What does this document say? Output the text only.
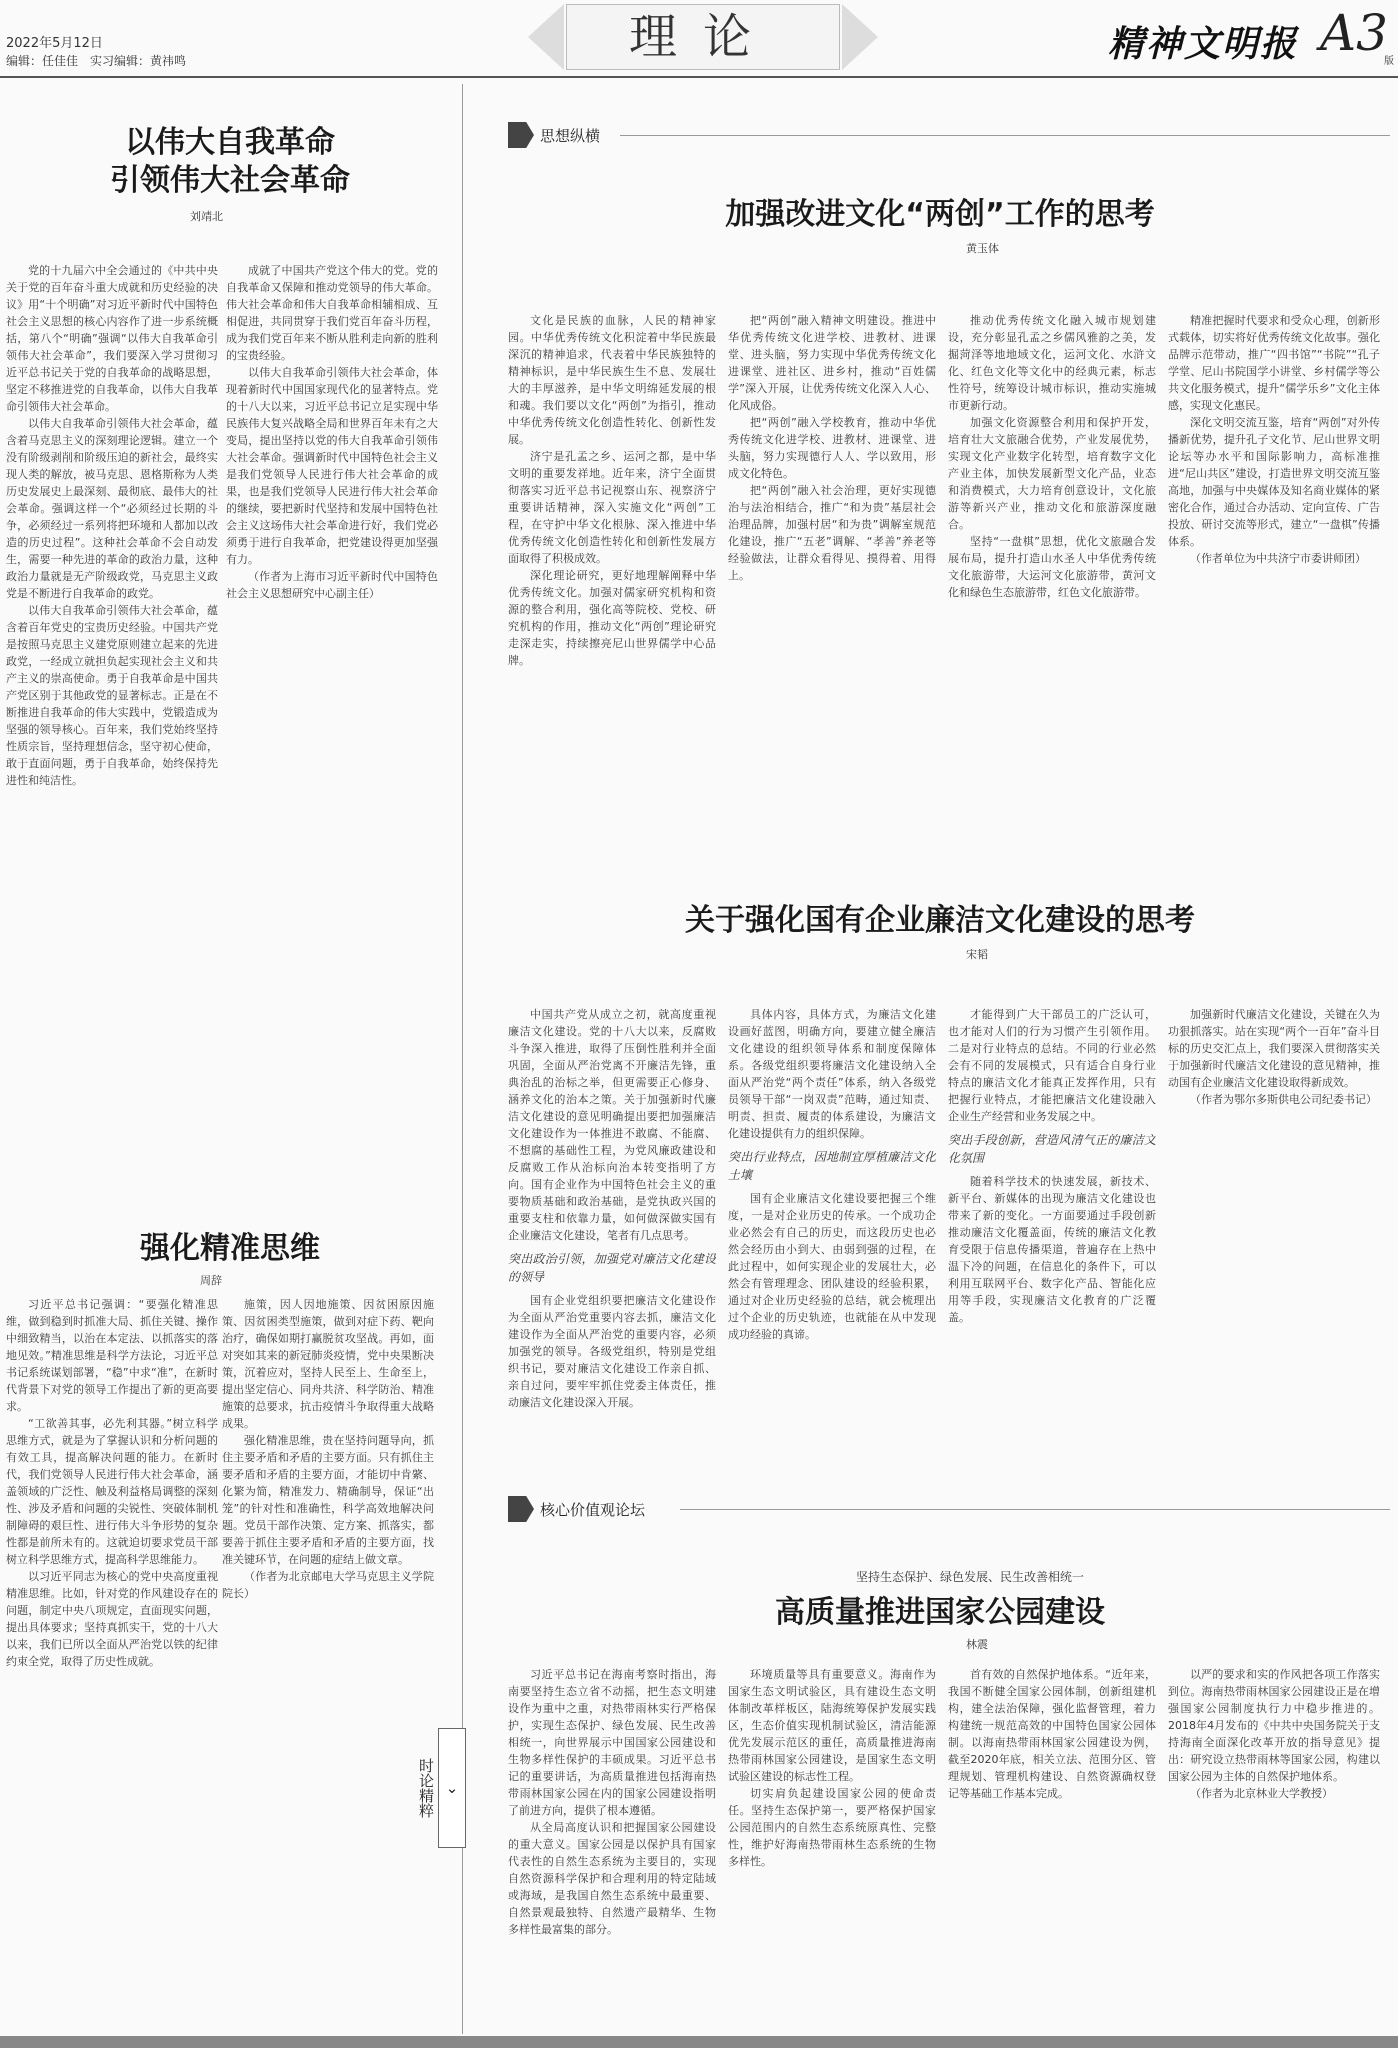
2022年5月12日
编辑：任佳佳　实习编辑：黄祎鸣	理论	精神文明报 A3
版
以伟大自我革命
引领伟大社会革命
刘靖北

党的十九届六中全会通过的《中共中央关于党的百年奋斗重大成就和历史经验的决议》用“十个明确”对习近平新时代中国特色社会主义思想的核心内容作了进一步系统概括，第八个“明确”强调“以伟大自我革命引领伟大社会革命”，我们要深入学习贯彻习近平总书记关于党的自我革命的战略思想，坚定不移推进党的自我革命，以伟大自我革命引领伟大社会革命。

以伟大自我革命引领伟大社会革命，蕴含着马克思主义的深刻理论逻辑。建立一个没有阶级剥削和阶级压迫的新社会，最终实现人类的解放，被马克思、恩格斯称为人类历史发展史上最深刻、最彻底、最伟大的社会革命。强调这样一个“必须经过长期的斗争，必须经过一系列将把环境和人都加以改造的历史过程”。这种社会革命不会自动发生，需要一种先进的革命的政治力量，这种政治力量就是无产阶级政党，马克思主义政党是不断进行自我革命的政党。

以伟大自我革命引领伟大社会革命，蕴含着百年党史的宝贵历史经验。中国共产党是按照马克思主义建党原则建立起来的先进政党，一经成立就担负起实现社会主义和共产主义的崇高使命。勇于自我革命是中国共产党区别于其他政党的显著标志。正是在不断推进自我革命的伟大实践中，党锻造成为坚强的领导核心。百年来，我们党始终坚持性质宗旨，坚持理想信念，坚守初心使命，敢于直面问题，勇于自我革命，始终保持先进性和纯洁性。

成就了中国共产党这个伟大的党。党的自我革命又保障和推动党领导的伟大革命。伟大社会革命和伟大自我革命相辅相成、互相促进，共同贯穿于我们党百年奋斗历程，成为我们党百年来不断从胜利走向新的胜利的宝贵经验。

以伟大自我革命引领伟大社会革命，体现着新时代中国国家现代化的显著特点。党的十八大以来，习近平总书记立足实现中华民族伟大复兴战略全局和世界百年未有之大变局，提出坚持以党的伟大自我革命引领伟大社会革命。强调新时代中国特色社会主义是我们党领导人民进行伟大社会革命的成果，也是我们党领导人民进行伟大社会革命的继续，要把新时代坚持和发展中国特色社会主义这场伟大社会革命进行好，我们党必须勇于进行自我革命，把党建设得更加坚强有力。

（作者为上海市习近平新时代中国特色社会主义思想研究中心副主任）

强化精准思维
周辞

习近平总书记强调：“要强化精准思维，做到稳到时抓准大局、抓住关键、操作中细致精当，以治在本定法、以抓落实的落地见效。”精准思维是科学方法论，习近平总书记系统谋划部署，“稳”中求“准”，在新时代背景下对党的领导工作提出了新的更高要求。

“工欲善其事，必先利其器。”树立科学思维方式，就是为了掌握认识和分析问题的有效工具，提高解决问题的能力。在新时代，我们党领导人民进行伟大社会革命，涵盖领域的广泛性、触及利益格局调整的深刻性、涉及矛盾和问题的尖锐性、突破体制机制障碍的艰巨性、进行伟大斗争形势的复杂性都是前所未有的。这就迫切要求党员干部树立科学思维方式，提高科学思维能力。

以习近平同志为核心的党中央高度重视精准思维。比如，针对党的作风建设存在的问题，制定中央八项规定，直面现实问题，提出具体要求；坚持真抓实干，党的十八大以来，我们已所以全面从严治党以铁的纪律约束全党，取得了历史性成就。

施策，因人因地施策、因贫困原因施策、因贫困类型施策，做到对症下药、靶向治疗，确保如期打赢脱贫攻坚战。再如，面对突如其来的新冠肺炎疫情，党中央果断决策，沉着应对，坚持人民至上、生命至上，提出坚定信心、同舟共济、科学防治、精准施策的总要求，抗击疫情斗争取得重大战略成果。

强化精准思维，贵在坚持问题导向，抓住主要矛盾和矛盾的主要方面。只有抓住主要矛盾和矛盾的主要方面，才能切中肯綮、化繁为简，精准发力、精确制导，保证“出笼”的针对性和准确性，科学高效地解决问题。党员干部作决策、定方案、抓落实，都要善于抓住主要矛盾和矛盾的主要方面，找准关键环节，在问题的症结上做文章。

（作者为北京邮电大学马克思主义学院院长）

⌄
时论精粹
思想纵横
加强改进文化“两创”工作的思考
黄玉体

文化是民族的血脉，人民的精神家园。中华优秀传统文化积淀着中华民族最深沉的精神追求，代表着中华民族独特的精神标识，是中华民族生生不息、发展壮大的丰厚滋养，是中华文明绵延发展的根和魂。我们要以文化“两创”为指引，推动中华优秀传统文化创造性转化、创新性发展。

济宁是孔孟之乡、运河之都，是中华文明的重要发祥地。近年来，济宁全面贯彻落实习近平总书记视察山东、视察济宁重要讲话精神，深入实施文化“两创”工程，在守护中华文化根脉、深入推进中华优秀传统文化创造性转化和创新性发展方面取得了积极成效。

深化理论研究，更好地理解阐释中华优秀传统文化。加强对儒家研究机构和资源的整合利用，强化高等院校、党校、研究机构的作用，推动文化“两创”理论研究走深走实，持续擦亮尼山世界儒学中心品牌。

把“两创”融入精神文明建设。推进中华优秀传统文化进学校、进教材、进课堂、进头脑，努力实现中华优秀传统文化进课堂、进社区、进乡村，推动“百姓儒学”深入开展，让优秀传统文化深入人心、化风成俗。

把“两创”融入学校教育，推动中华优秀传统文化进学校、进教材、进课堂、进头脑，努力实现德行人人、学以致用，形成文化特色。

把“两创”融入社会治理，更好实现德治与法治相结合，推广“和为贵”基层社会治理品牌，加强村居“和为贵”调解室规范化建设，推广“五老”调解、“孝善”养老等经验做法，让群众看得见、摸得着、用得上。

推动优秀传统文化融入城市规划建设，充分彰显孔孟之乡儒风雅韵之美，发掘菏泽等地地域文化，运河文化、水浒文化、红色文化等文化中的经典元素，标志性符号，统筹设计城市标识，推动实施城市更新行动。

加强文化资源整合利用和保护开发，培育壮大文旅融合优势，产业发展优势，实现文化产业数字化转型，培育数字文化产业主体，加快发展新型文化产品，业态和消费模式，大力培育创意设计，文化旅游等新兴产业，推动文化和旅游深度融合。

坚持“一盘棋”思想，优化文旅融合发展布局，提升打造山水圣人中华优秀传统文化旅游带，大运河文化旅游带，黄河文化和绿色生态旅游带，红色文化旅游带。

精准把握时代要求和受众心理，创新形式载体，切实将好优秀传统文化故事。强化品牌示范带动，推广“四书馆”“书院”“孔子学堂、尼山书院国学小讲堂、乡村儒学等公共文化服务模式，提升“儒学乐乡”文化主体感，实现文化惠民。

深化文明交流互鉴，培育“两创”对外传播新优势，提升孔子文化节、尼山世界文明论坛等办水平和国际影响力，高标准推进“尼山共区”建设，打造世界文明交流互鉴高地，加强与中央媒体及知名商业媒体的紧密化合作，通过合办活动、定向宣传、广告投放、研讨交流等形式，建立“一盘棋”传播体系。

（作者单位为中共济宁市委讲师团）

关于强化国有企业廉洁文化建设的思考
宋韬

中国共产党从成立之初，就高度重视廉洁文化建设。党的十八大以来，反腐败斗争深入推进，取得了压倒性胜利并全面巩固，全面从严治党离不开廉洁先锋，重典治乱的治标之举，但更需要正心修身、涵养文化的治本之策。关于加强新时代廉洁文化建设的意见明确提出要把加强廉洁文化建设作为一体推进不敢腐、不能腐、不想腐的基础性工程，为党风廉政建设和反腐败工作从治标向治本转变指明了方向。国有企业作为中国特色社会主义的重要物质基础和政治基础，是党执政兴国的重要支柱和依靠力量，如何做深做实国有企业廉洁文化建设，笔者有几点思考。

突出政治引领，加强党对廉洁文化建设的领导

国有企业党组织要把廉洁文化建设作为全面从严治党重要内容去抓，廉洁文化建设作为全面从严治党的重要内容，必须加强党的领导。各级党组织，特别是党组织书记，要对廉洁文化建设工作亲自抓、亲自过问，要牢牢抓住党委主体责任，推动廉洁文化建设深入开展。

具体内容，具体方式，为廉洁文化建设画好蓝图，明确方向，要建立健全廉洁文化建设的组织领导体系和制度保障体系。各级党组织要将廉洁文化建设纳入全面从严治党“两个责任”体系，纳入各级党员领导干部“一岗双责”范畴，通过知责、明责、担责、履责的体系建设，为廉洁文化建设提供有力的组织保障。

突出行业特点，因地制宜厚植廉洁文化土壤

国有企业廉洁文化建设要把握三个维度，一是对企业历史的传承。一个成功企业必然会有自己的历史，而这段历史也必然会经历由小到大、由弱到强的过程，在此过程中，如何实现企业的发展壮大，必然会有管理理念、团队建设的经验积累，通过对企业历史经验的总结，就会梳理出过个企业的历史轨迹，也就能在从中发现成功经验的真谛。

才能得到广大干部员工的广泛认可，也才能对人们的行为习惯产生引领作用。二是对行业特点的总结。不同的行业必然会有不同的发展模式，只有适合自身行业特点的廉洁文化才能真正发挥作用，只有把握行业特点，才能把廉洁文化建设融入企业生产经营和业务发展之中。

突出手段创新，营造风清气正的廉洁文化氛围

随着科学技术的快速发展，新技术、新平台、新媒体的出现为廉洁文化建设也带来了新的变化。一方面要通过手段创新推动廉洁文化覆盖面，传统的廉洁文化教育受限于信息传播渠道，普遍存在上热中温下冷的问题，在信息化的条件下，可以利用互联网平台、数字化产品、智能化应用等手段，实现廉洁文化教育的广泛覆盖。

加强新时代廉洁文化建设，关键在久为功狠抓落实。站在实现“两个一百年”奋斗目标的历史交汇点上，我们要深入贯彻落实关于加强新时代廉洁文化建设的意见精神，推动国有企业廉洁文化建设取得新成效。

（作者为鄂尔多斯供电公司纪委书记）

核心价值观论坛
坚持生态保护、绿色发展、民生改善相统一
高质量推进国家公园建设
林震

习近平总书记在海南考察时指出，海南要坚持生态立省不动摇，把生态文明建设作为重中之重，对热带雨林实行严格保护，实现生态保护、绿色发展、民生改善相统一，向世界展示中国国家公园建设和生物多样性保护的丰硕成果。习近平总书记的重要讲话，为高质量推进包括海南热带雨林国家公园在内的国家公园建设指明了前进方向，提供了根本遵循。

从全局高度认识和把握国家公园建设的重大意义。国家公园是以保护具有国家代表性的自然生态系统为主要目的，实现自然资源科学保护和合理利用的特定陆域或海域，是我国自然生态系统中最重要、自然景观最独特、自然遗产最精华、生物多样性最富集的部分。

环境质量等具有重要意义。海南作为国家生态文明试验区，具有建设生态文明体制改革样板区，陆海统筹保护发展实践区，生态价值实现机制试验区，清洁能源优先发展示范区的重任，高质量推进海南热带雨林国家公园建设，是国家生态文明试验区建设的标志性工程。

切实肩负起建设国家公园的使命责任。坚持生态保护第一，要严格保护国家公园范围内的自然生态系统原真性、完整性，维护好海南热带雨林生态系统的生物多样性。

首有效的自然保护地体系。“近年来，我国不断健全国家公园体制，创新组建机构，建全法治保障，强化监督管理，着力构建统一规范高效的中国特色国家公园体制。以海南热带雨林国家公园建设为例，截至2020年底，相关立法、范围分区、管理规划、管理机构建设、自然资源确权登记等基础工作基本完成。

以严的要求和实的作风把各项工作落实到位。海南热带雨林国家公园建设正是在增强国家公园制度执行力中稳步推进的。2018年4月发布的《中共中央国务院关于支持海南全面深化改革开放的指导意见》提出：研究设立热带雨林等国家公园，构建以国家公园为主体的自然保护地体系。

（作者为北京林业大学教授）
